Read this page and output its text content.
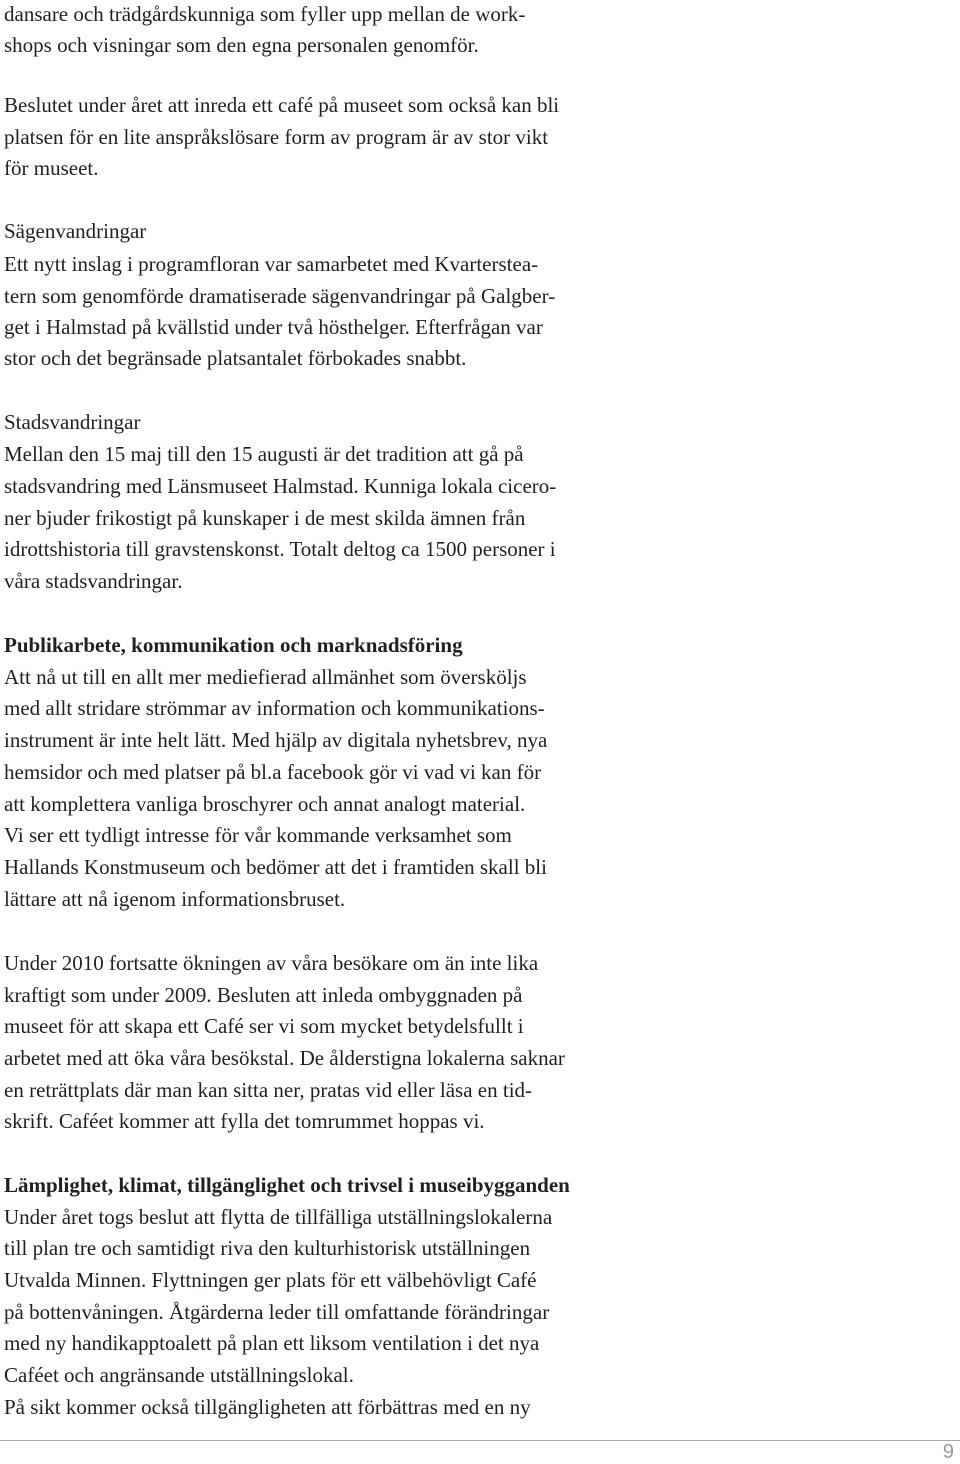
dansare och trädgårdskunniga som fyller upp mellan de work-
shops och visningar som den egna personalen genomför.
Beslutet under året att inreda ett café på museet som också kan bli
platsen för en lite anspråkslösare form av program är av stor vikt
för museet.
Sägenvandringar
Ett nytt inslag i programfloran var samarbetet med Kvartersteа-
tern som genomförde dramatiserade sägenvandringar på Galgber-
get i Halmstad på kvällstid under två hösthelger. Efterfrågan var
stor och det begränsade platsantalet förbokades snabbt.
Stadsvandringar
Mellan den 15 maj till den 15 augusti är det tradition att gå på
stadsvandring med Länsmuseet Halmstad. Kunniga lokala cicero-
ner bjuder frikostigt på kunskaper i de mest skilda ämnen från
idrottshistoria till gravstenskonst. Totalt deltog ca 1500 personer i
våra stadsvandringar.
Publikarbete, kommunikation och marknadsföring
Att nå ut till en allt mer mediefierad allmänhet som översköljs
med allt stridare strömmar av information och kommunikations-
instrument är inte helt lätt. Med hjälp av digitala nyhetsbrev, nya
hemsidor och med platser på bl.a facebook gör vi vad vi kan för
att komplettera vanliga broschyrer och annat analogt material.
Vi ser ett tydligt intresse för vår kommande verksamhet som
Hallands Konstmuseum och bedömer att det i framtiden skall bli
lättare att nå igenom informationsbruset.
Under 2010 fortsatte ökningen av våra besökare om än inte lika
kraftigt som under 2009. Besluten att inleda ombyggnaden på
museet för att skapa ett Café ser vi som mycket betydelsfullt i
arbetet med att öka våra besökstal. De ålderstigna lokalerna saknar
en reträttplats där man kan sitta ner, pratas vid eller läsa en tid-
skrift. Caféet kommer att fylla det tomrummet hoppas vi.
Lämplighet, klimat, tillgänglighet och trivsel i museibygganden
Under året togs beslut att flytta de tillfälliga utställningslokalerna
till plan tre och samtidigt riva den kulturhistorisk utställningen
Utvalda Minnen. Flyttningen ger plats för ett välbehövligt Café
på bottenvåningen. Åtgärderna leder till omfattande förändringar
med ny handikapptoalett på plan ett liksom ventilation i det nya
Caféet och angränsande utställningslokal.
På sikt kommer också tillgängligheten att förbättras med en ny
9
